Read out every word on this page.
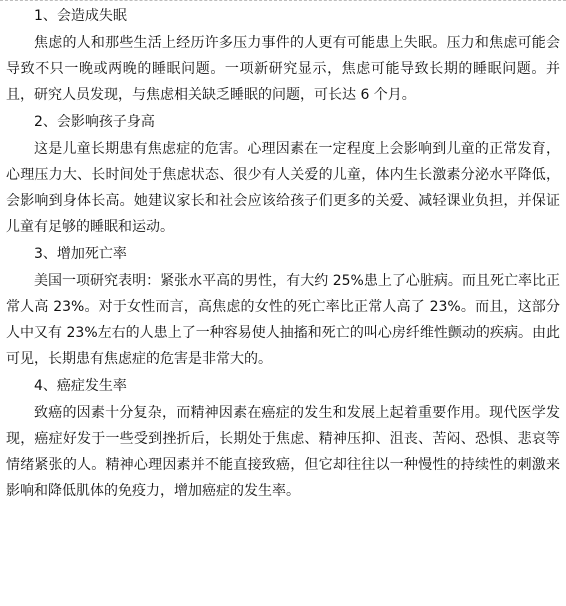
1、会造成失眠

焦虑的人和那些生活上经历许多压力事件的人更有可能患上失眠。压力和焦虑可能会导致不只一晚或两晚的睡眠问题。一项新研究显示，焦虑可能导致长期的睡眠问题。并且，研究人员发现，与焦虑相关缺乏睡眠的问题，可长达 6 个月。

2、会影响孩子身高

这是儿童长期患有焦虑症的危害。心理因素在一定程度上会影响到儿童的正常发育，心理压力大、长时间处于焦虑状态、很少有人关爱的儿童，体内生长激素分泌水平降低，会影响到身体长高。她建议家长和社会应该给孩子们更多的关爱、减轻课业负担，并保证儿童有足够的睡眠和运动。

3、增加死亡率

美国一项研究表明：紧张水平高的男性，有大约 25%患上了心脏病。而且死亡率比正常人高 23%。对于女性而言，高焦虑的女性的死亡率比正常人高了 23%。而且，这部分人中又有 23%左右的人患上了一种容易使人抽搐和死亡的叫心房纤维性颤动的疾病。由此可见，长期患有焦虑症的危害是非常大的。

4、癌症发生率

致癌的因素十分复杂，而精神因素在癌症的发生和发展上起着重要作用。现代医学发现，癌症好发于一些受到挫折后，长期处于焦虑、精神压抑、沮丧、苦闷、恐惧、悲哀等情绪紧张的人。精神心理因素并不能直接致癌，但它却往往以一种慢性的持续性的刺激来影响和降低肌体的免疫力，增加癌症的发生率。
